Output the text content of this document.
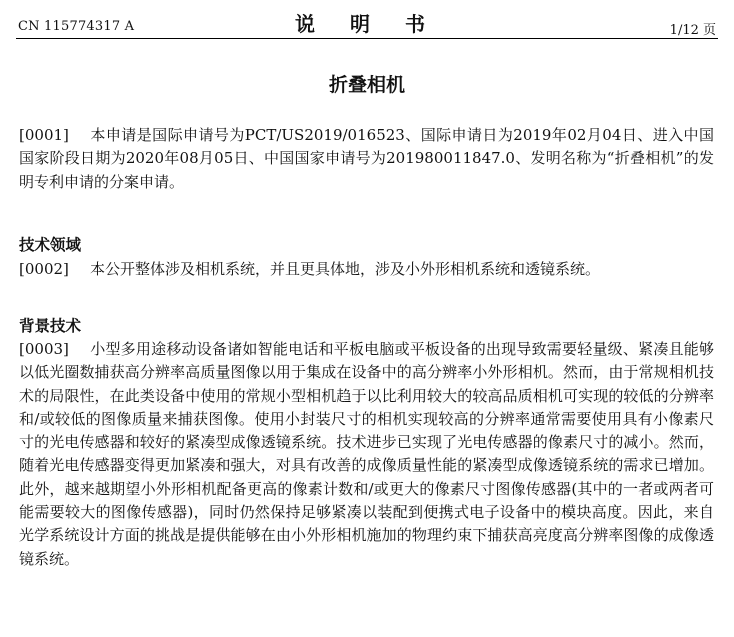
CN 115774317 A	说 明 书	1/12 页
折叠相机
[0001] 本申请是国际申请号为PCT/US2019/016523、国际申请日为2019年02月04日、进入中国国家阶段日期为2020年08月05日、中国国家申请号为201980011847.0、发明名称为“折叠相机”的发明专利申请的分案申请。
技术领域
[0002] 本公开整体涉及相机系统，并且更具体地，涉及小外形相机系统和透镜系统。
背景技术
[0003] 小型多用途移动设备诸如智能电话和平板电脑或平板设备的出现导致需要轻量级、紧凑且能够以低光圈数捕获高分辨率高质量图像以用于集成在设备中的高分辨率小外形相机。然而，由于常规相机技术的局限性，在此类设备中使用的常规小型相机趋于以比利用较大的较高品质相机可实现的较低的分辨率和/或较低的图像质量来捕获图像。使用小封装尺寸的相机实现较高的分辨率通常需要使用具有小像素尺寸的光电传感器和较好的紧凑型成像透镜系统。技术进步已实现了光电传感器的像素尺寸的减小。然而，随着光电传感器变得更加紧凑和强大，对具有改善的成像质量性能的紧凑型成像透镜系统的需求已增加。此外，越来越期望小外形相机配备更高的像素计数和/或更大的像素尺寸图像传感器(其中的一者或两者可能需要较大的图像传感器)，同时仍然保持足够紧凑以装配到便携式电子设备中的模块高度。因此，来自光学系统设计方面的挑战是提供能够在由小外形相机施加的物理约束下捕获高亮度高分辨率图像的成像透镜系统。
